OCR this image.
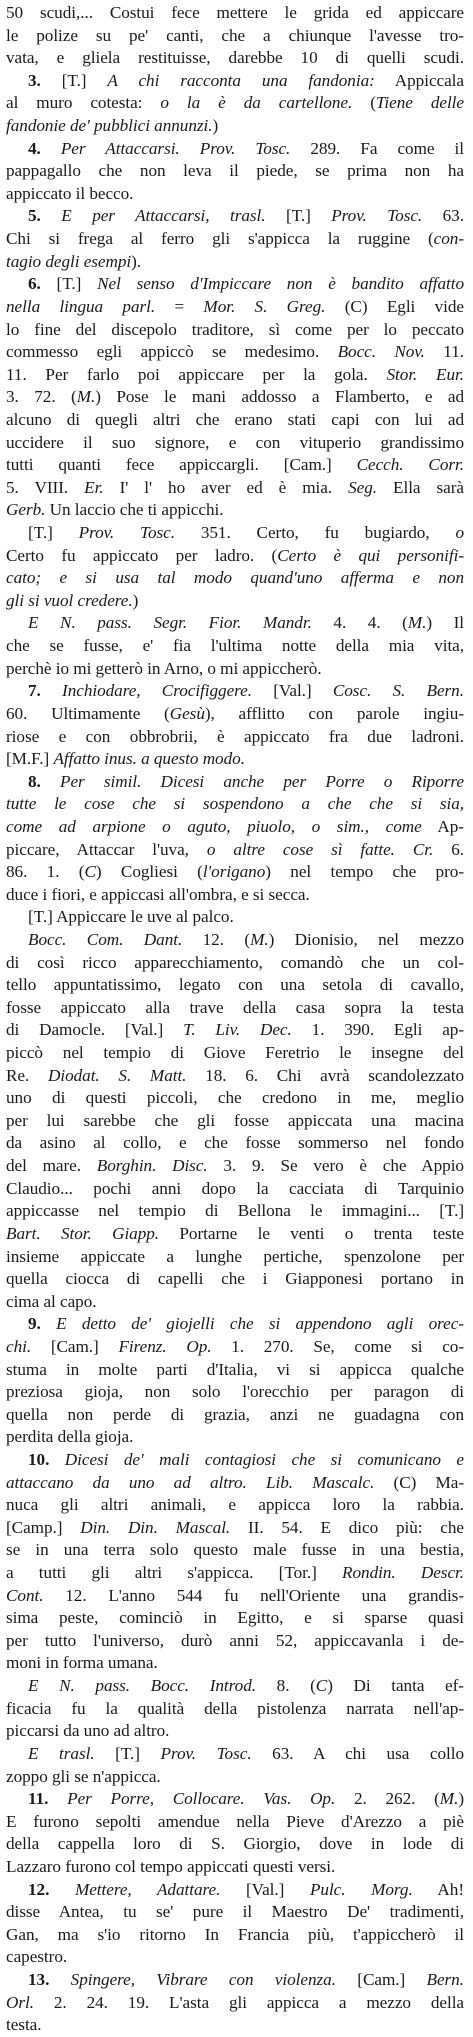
50 scudi,... Costui fece mettere le grida ed appiccare
le polize su pe' canti, che a chiunque l'avesse tro-
vata, e gliela restituisse, darebbe 10 di quelli scudi.
3. [T.] A chi racconta una fandonia: Appiccala
al muro cotesta: o la è da cartellone. (Tiene delle
fandonie de' pubblici annunzi.)
4. Per Attaccarsi. Prov. Tosc. 289. Fa come il
pappagallo che non leva il piede, se prima non ha
appiccato il becco.
5. E per Attaccarsi, trasl. [T.] Prov. Tosc. 63.
Chi si frega al ferro gli s'appicca la ruggine (con-
tagio degli esempi).
6. [T.] Nel senso d'Impiccare non è bandito affatto
nella lingua parl. = Mor. S. Greg. (C) Egli vide
lo fine del discepolo traditore, sì come per lo peccato
commesso egli appiccò se medesimo. Bocc. Nov. 11.
11. Per farlo poi appiccare per la gola. Stor. Eur.
3. 72. (M.) Pose le mani addosso a Flamberto, e ad
alcuno di quegli altri che erano stati capi con lui ad
uccidere il suo signore, e con vituperio grandissimo
tutti quanti fece appiccargli. [Cam.] Cecch. Corr.
5. VIII. Er. I' l' ho aver ed è mia. Seg. Ella sarà
Gerb. Un laccio che ti appicchi.
[T.] Prov. Tosc. 351. Certo, fu bugiardo, o
Certo fu appiccato per ladro. (Certo è qui personifi-
cato; e si usa tal modo quand'uno afferma e non
gli si vuol credere.)
E N. pass. Segr. Fior. Mandr. 4. 4. (M.) Il
che se fusse, e' fia l'ultima notte della mia vita,
perchè io mi getterò in Arno, o mi appiccherò.
7. Inchiodare, Crocifiggere. [Val.] Cosc. S. Bern.
60. Ultimamente (Gesù), afflitto con parole ingiu-
riose e con obbrobrii, è appiccato fra due ladroni.
[M.F.] Affatto inus. a questo modo.
8. Per simil. Dicesi anche per Porre o Riporre
tutte le cose che si sospendono a che che si sia,
come ad arpione o aguto, piuolo, o sim., come Ap-
piccare, Attaccar l'uva, o altre cose sì fatte. Cr. 6.
86. 1. (C) Cogliesi (l'origano) nel tempo che pro-
duce i fiori, e appiccasi all'ombra, e si secca.
[T.] Appiccare le uve al palco.
Bocc. Com. Dant. 12. (M.) Dionisio, nel mezzo
di così ricco apparecchiamento, comandò che un col-
tello appuntatissimo, legato con una setola di cavallo,
fosse appiccato alla trave della casa sopra la testa
di Damocle. [Val.] T. Liv. Dec. 1. 390. Egli ap-
piccò nel tempio di Giove Feretrio le insegne del
Re. Diodat. S. Matt. 18. 6. Chi avrà scandolezzato
uno di questi piccoli, che credono in me, meglio
per lui sarebbe che gli fosse appiccata una macina
da asino al collo, e che fosse sommerso nel fondo
del mare. Borghin. Disc. 3. 9. Se vero è che Appio
Claudio... pochi anni dopo la cacciata di Tarquinio
appiccasse nel tempio di Bellona le immagini... [T.]
Bart. Stor. Giapp. Portarne le venti o trenta teste
insieme appiccate a lunghe pertiche, spenzolone per
quella ciocca di capelli che i Giapponesi portano in
cima al capo.
9. E detto de' giojelli che si appendono agli orec-
chi. [Cam.] Firenz. Op. 1. 270. Se, come si co-
stuma in molte parti d'Italia, vi si appicca qualche
preziosa gioja, non solo l'orecchio per paragon di
quella non perde di grazia, anzi ne guadagna con
perdita della gioja.
10. Dicesi de' mali contagiosi che si comunicano e
attaccano da uno ad altro. Lib. Mascalc. (C) Ma-
nuca gli altri animali, e appicca loro la rabbia.
[Camp.] Din. Din. Mascal. II. 54. E dico più: che
se in una terra solo questo male fusse in una bestia,
a tutti gli altri s'appicca. [Tor.] Rondin. Descr.
Cont. 12. L'anno 544 fu nell'Oriente una grandis-
sima peste, cominciò in Egitto, e si sparse quasi
per tutto l'universo, durò anni 52, appiccavanla i de-
moni in forma umana.
E N. pass. Bocc. Introd. 8. (C) Di tanta ef-
ficacia fu la qualità della pistolenza narrata nell'ap-
piccarsi da uno ad altro.
E trasl. [T.] Prov. Tosc. 63. A chi usa collo
zoppo gli se n'appicca.
11. Per Porre, Collocare. Vas. Op. 2. 262. (M.)
E furono sepolti amendue nella Pieve d'Arezzo a piè
della cappella loro di S. Giorgio, dove in lode di
Lazzaro furono col tempo appiccati questi versi.
12. Mettere, Adattare. [Val.] Pulc. Morg. Ah!
disse Antea, tu se' pure il Maestro De' tradimenti,
Gan, ma s'io ritorno In Francia più, t'appiccherò il
capestro.
13. Spingere, Vibrare con violenza. [Cam.] Bern.
Orl. 2. 24. 19. L'asta gli appicca a mezzo della
testa.
